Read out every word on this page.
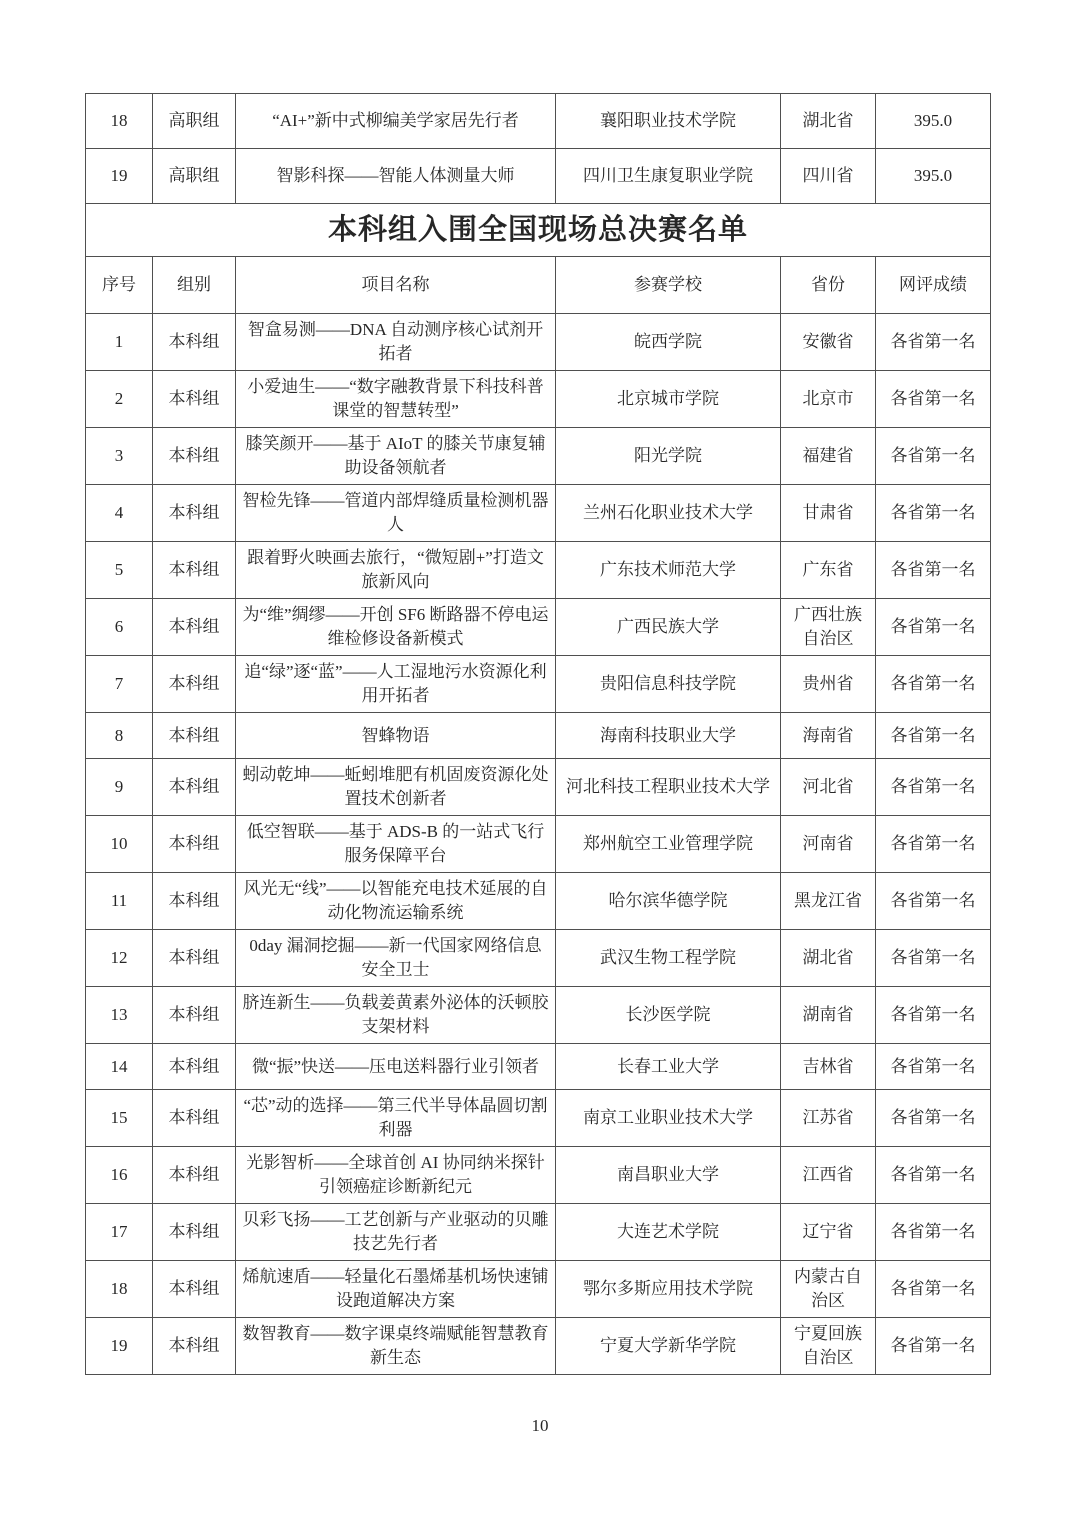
18	高职组	“AI+”新中式柳编美学家居先行者	襄阳职业技术学院	湖北省	395.0
19	高职组	智影科探——智能人体测量大师	四川卫生康复职业学院	四川省	395.0
本科组入围全国现场总决赛名单					
序号	组别	项目名称	参赛学校	省份	网评成绩
1	本科组	智盒易测——DNA 自动测序核心试剂开拓者	皖西学院	安徽省	各省第一名
2	本科组	小爱迪生——“数字融教背景下科技科普课堂的智慧转型”	北京城市学院	北京市	各省第一名
3	本科组	膝笑颜开——基于 AIoT 的膝关节康复辅助设备领航者	阳光学院	福建省	各省第一名
4	本科组	智检先锋——管道内部焊缝质量检测机器人	兰州石化职业技术大学	甘肃省	各省第一名
5	本科组	跟着野火映画去旅行，“微短剧+”打造文旅新风向	广东技术师范大学	广东省	各省第一名
6	本科组	为“维”绸缪——开创 SF6 断路器不停电运维检修设备新模式	广西民族大学	广西壮族自治区	各省第一名
7	本科组	追“绿”逐“蓝”——人工湿地污水资源化利用开拓者	贵阳信息科技学院	贵州省	各省第一名
8	本科组	智蜂物语	海南科技职业大学	海南省	各省第一名
9	本科组	蚓动乾坤——蚯蚓堆肥有机固废资源化处置技术创新者	河北科技工程职业技术大学	河北省	各省第一名
10	本科组	低空智联——基于 ADS-B 的一站式飞行服务保障平台	郑州航空工业管理学院	河南省	各省第一名
11	本科组	风光无“线”——以智能充电技术延展的自动化物流运输系统	哈尔滨华德学院	黑龙江省	各省第一名
12	本科组	0day 漏洞挖掘——新一代国家网络信息安全卫士	武汉生物工程学院	湖北省	各省第一名
13	本科组	脐连新生——负载姜黄素外泌体的沃顿胶支架材料	长沙医学院	湖南省	各省第一名
14	本科组	微“振”快送——压电送料器行业引领者	长春工业大学	吉林省	各省第一名
15	本科组	“芯”动的选择——第三代半导体晶圆切割利器	南京工业职业技术大学	江苏省	各省第一名
16	本科组	光影智析——全球首创 AI 协同纳米探针引领癌症诊断新纪元	南昌职业大学	江西省	各省第一名
17	本科组	贝彩飞扬——工艺创新与产业驱动的贝雕技艺先行者	大连艺术学院	辽宁省	各省第一名
18	本科组	烯航速盾——轻量化石墨烯基机场快速铺设跑道解决方案	鄂尔多斯应用技术学院	内蒙古自治区	各省第一名
19	本科组	数智教育——数字课桌终端赋能智慧教育新生态	宁夏大学新华学院	宁夏回族自治区	各省第一名
10
